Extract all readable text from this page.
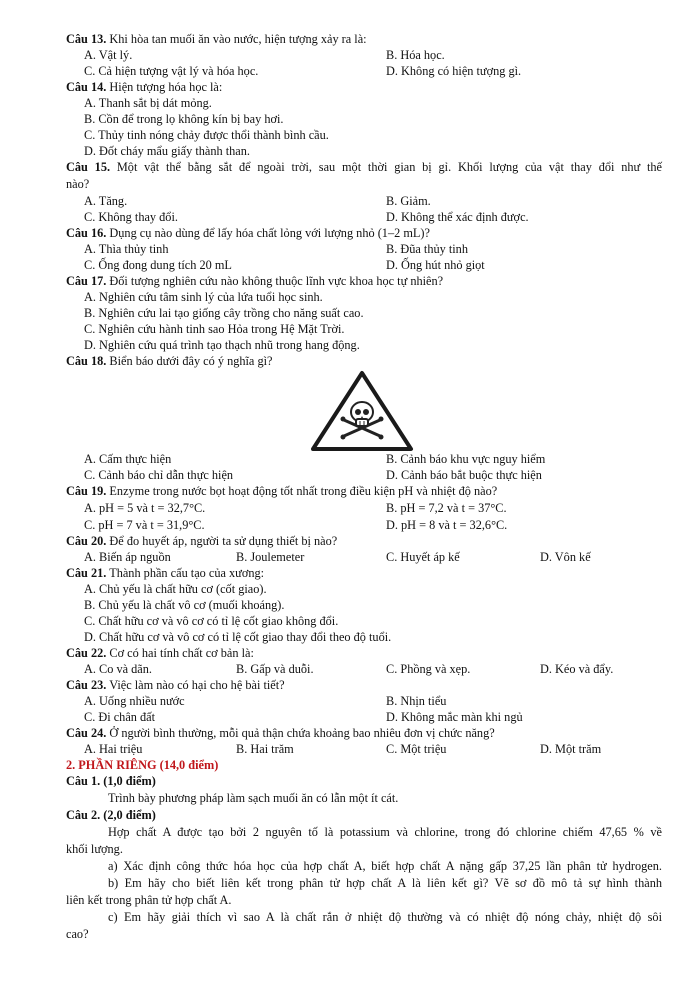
Câu 13. Khi hòa tan muối ăn vào nước, hiện tượng xảy ra là:
A. Vật lý.	B. Hóa học.
C. Cả hiện tượng vật lý và hóa học.	D. Không có hiện tượng gì.
Câu 14. Hiện tượng hóa học là:
A. Thanh sắt bị dát mỏng.
B. Cồn để trong lọ không kín bị bay hơi.
C. Thủy tinh nóng chảy được thổi thành bình cầu.
D. Đốt cháy mẩu giấy thành than.
Câu 15. Một vật thể bằng sắt để ngoài trời, sau một thời gian bị gỉ. Khối lượng của vật thay đổi như thế
nào?
A. Tăng.	B. Giảm.
C. Không thay đổi.	D. Không thể xác định được.
Câu 16. Dụng cụ nào dùng để lấy hóa chất lỏng với lượng nhỏ (1–2 mL)?
A. Thìa thủy tinh	B. Đũa thủy tinh
C. Ống đong dung tích 20 mL	D. Ống hút nhỏ giọt
Câu 17. Đối tượng nghiên cứu nào không thuộc lĩnh vực khoa học tự nhiên?
A. Nghiên cứu tâm sinh lý của lứa tuổi học sinh.
B. Nghiên cứu lai tạo giống cây trồng cho năng suất cao.
C. Nghiên cứu hành tinh sao Hỏa trong Hệ Mặt Trời.
D. Nghiên cứu quá trình tạo thạch nhũ trong hang động.
Câu 18. Biển báo dưới đây có ý nghĩa gì?
A. Cấm thực hiện	B. Cảnh báo khu vực nguy hiểm
C. Cảnh báo chỉ dẫn thực hiện	D. Cảnh báo bắt buộc thực hiện
Câu 19. Enzyme trong nước bọt hoạt động tốt nhất trong điều kiện pH và nhiệt độ nào?
A. pH = 5 và t = 32,7°C.	B. pH = 7,2 và t = 37°C.
C. pH = 7 và t = 31,9°C.	D. pH = 8 và t = 32,6°C.
Câu 20. Để đo huyết áp, người ta sử dụng thiết bị nào?
A. Biến áp nguồn	B. Joulemeter	C. Huyết áp kế	D. Vôn kế
Câu 21. Thành phần cấu tạo của xương:
A. Chủ yếu là chất hữu cơ (cốt giao).
B. Chủ yếu là chất vô cơ (muối khoáng).
C. Chất hữu cơ và vô cơ có tỉ lệ cốt giao không đổi.
D. Chất hữu cơ và vô cơ có tỉ lệ cốt giao thay đổi theo độ tuổi.
Câu 22. Cơ có hai tính chất cơ bản là:
A. Co và dãn.	B. Gấp và duỗi.	C. Phồng và xẹp.	D. Kéo và đẩy.
Câu 23. Việc làm nào có hại cho hệ bài tiết?
A. Uống nhiều nước	B. Nhịn tiểu
C. Đi chân đất	D. Không mắc màn khi ngủ
Câu 24. Ở người bình thường, mỗi quả thận chứa khoảng bao nhiêu đơn vị chức năng?
A. Hai triệu	B. Hai trăm	C. Một triệu	D. Một trăm
2. PHẦN RIÊNG (14,0 điểm)
Câu 1. (1,0 điểm)
Trình bày phương pháp làm sạch muối ăn có lẫn một ít cát.
Câu 2. (2,0 điểm)
Hợp chất A được tạo bởi 2 nguyên tố là potassium và chlorine, trong đó chlorine chiếm 47,65 % về
khối lượng.
a) Xác định công thức hóa học của hợp chất A, biết hợp chất A nặng gấp 37,25 lần phân tử hydrogen.
b) Em hãy cho biết liên kết trong phân tử hợp chất A là liên kết gì? Vẽ sơ đồ mô tả sự hình thành
liên kết trong phân tử hợp chất A.
c) Em hãy giải thích vì sao A là chất rắn ở nhiệt độ thường và có nhiệt độ nóng chảy, nhiệt độ sôi
cao?
